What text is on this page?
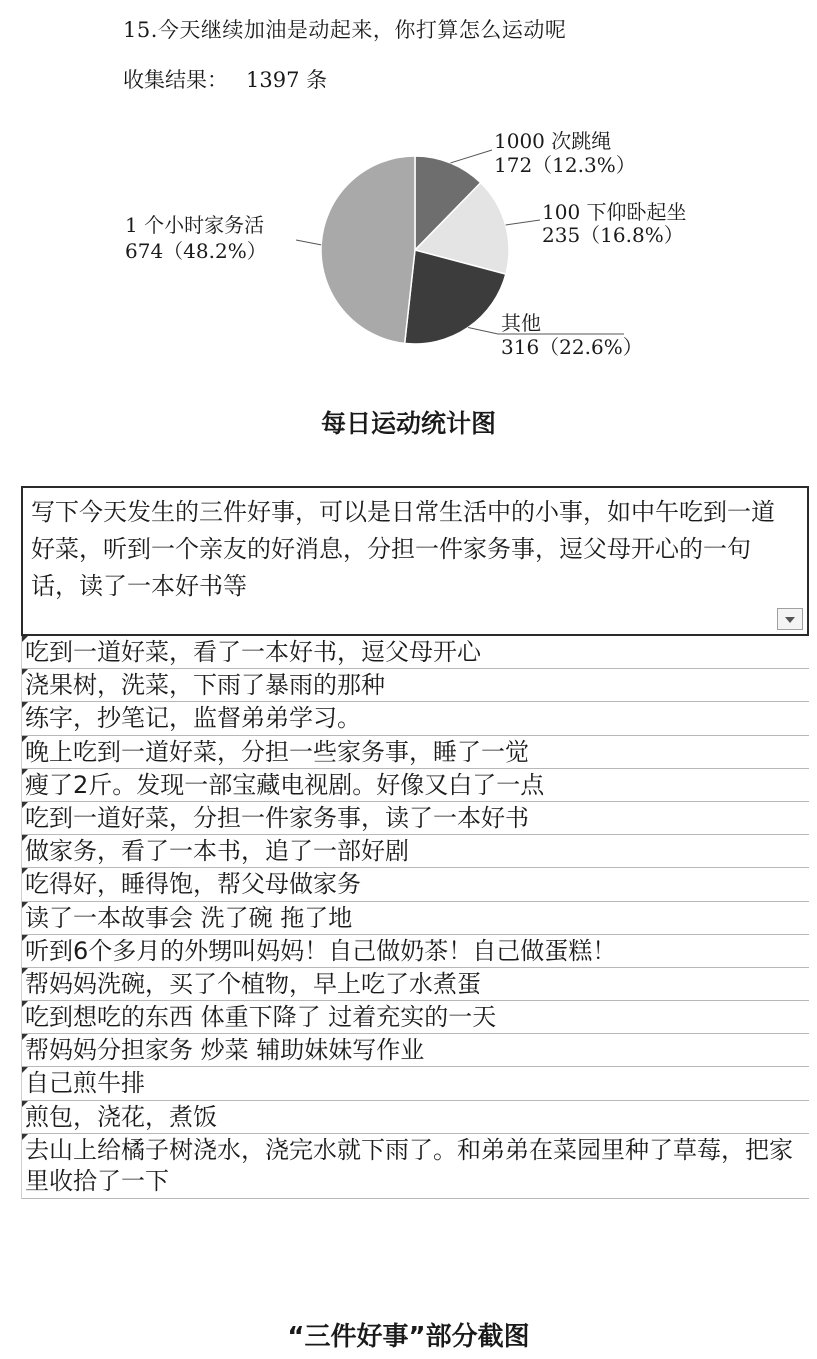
15.今天继续加油是动起来，你打算怎么运动呢
收集结果： 1397 条
1000 次跳绳
172（12.3%）
100 下仰卧起坐
235（16.8%）
其他
316（22.6%）
1 个小时家务活
674（48.2%）
每日运动统计图
写下今天发生的三件好事，可以是日常生活中的小事，如中午吃到一道好菜，听到一个亲友的好消息，分担一件家务事，逗父母开心的一句话，读了一本好书等
吃到一道好菜，看了一本好书，逗父母开心
浇果树，洗菜，下雨了暴雨的那种
练字，抄笔记，监督弟弟学习。
晚上吃到一道好菜，分担一些家务事，睡了一觉
瘦了2斤。发现一部宝藏电视剧。好像又白了一点
吃到一道好菜，分担一件家务事，读了一本好书
做家务，看了一本书，追了一部好剧
吃得好，睡得饱，帮父母做家务
读了一本故事会 洗了碗 拖了地
听到6个多月的外甥叫妈妈！自己做奶茶！自己做蛋糕！
帮妈妈洗碗，买了个植物，早上吃了水煮蛋
吃到想吃的东西 体重下降了 过着充实的一天
帮妈妈分担家务 炒菜 辅助妹妹写作业
自己煎牛排
煎包，浇花，煮饭
去山上给橘子树浇水，浇完水就下雨了。和弟弟在菜园里种了草莓，把家里收拾了一下
“三件好事”部分截图
